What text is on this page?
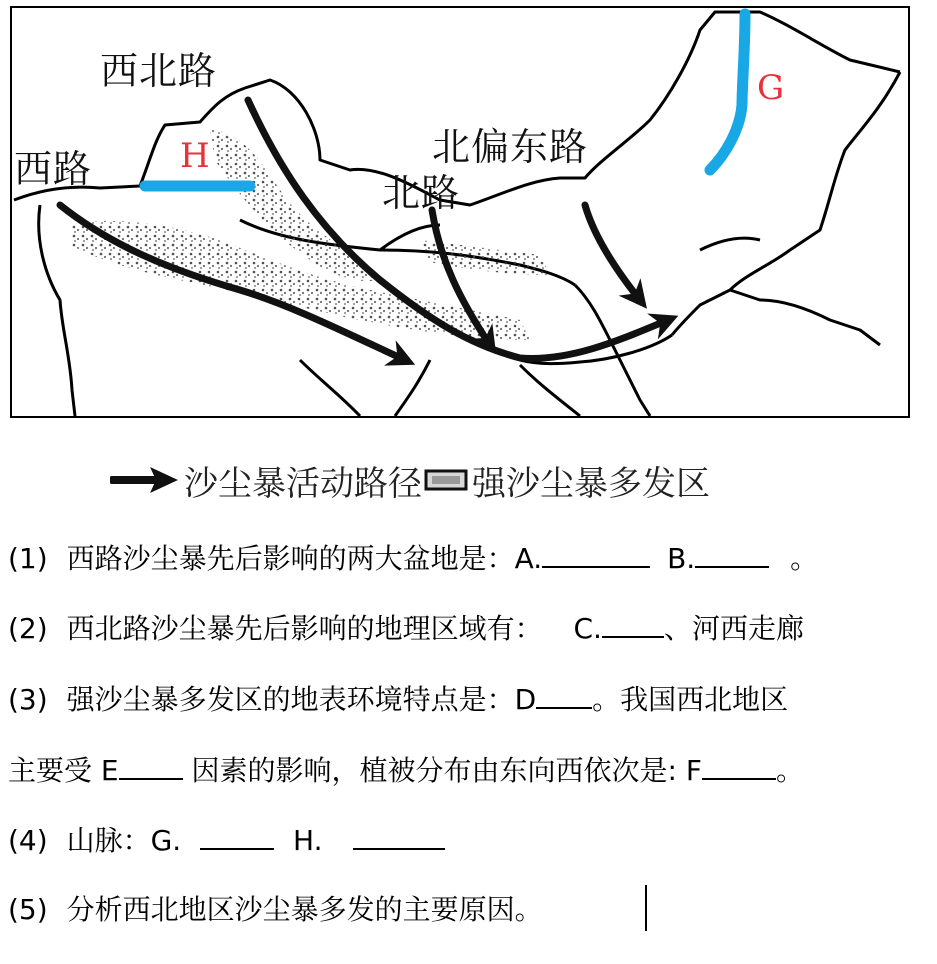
西北路
西路
北路
北偏东路
H
G
沙尘暴活动路径 强沙尘暴多发区
(1) 西路沙尘暴先后影响的两大盆地是：A.	B.	。
(2) 西北路沙尘暴先后影响的地理区域有： C. 、河西走廊
(3) 强沙尘暴多发区的地表环境特点是：D 。我国西北地区
主要受 E 因素的影响，植被分布由东向西依次是: F	。
(4) 山脉：G.	H.
(5) 分析西北地区沙尘暴多发的主要原因。
